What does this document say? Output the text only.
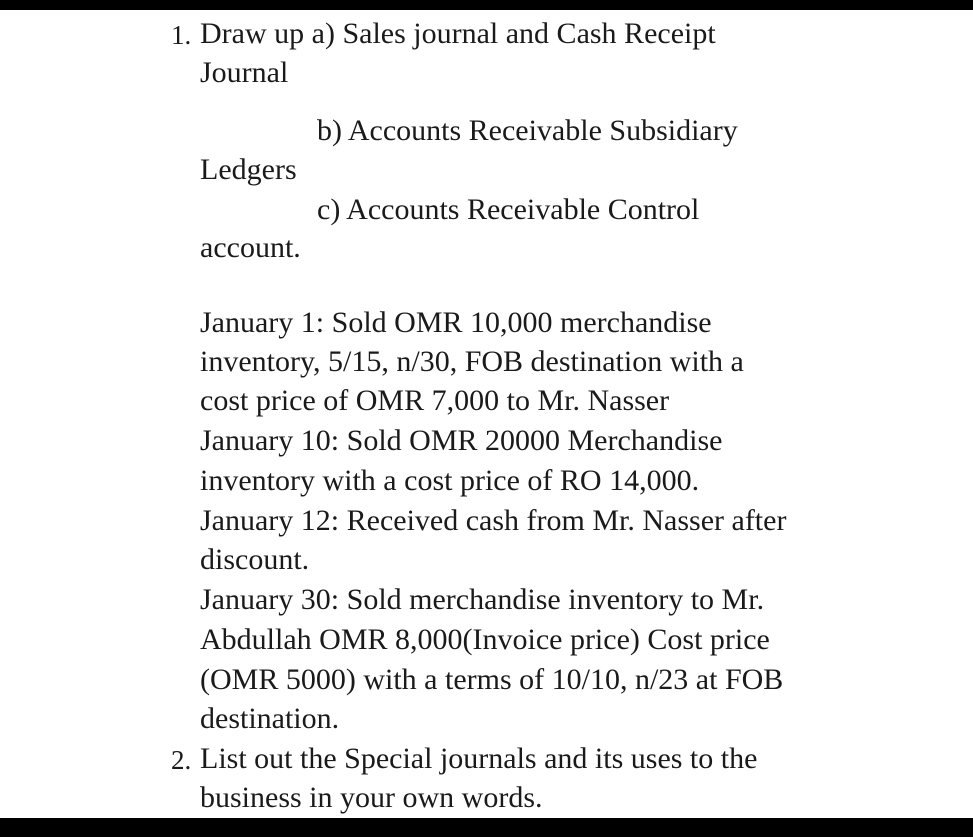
1. Draw up a) Sales journal and Cash Receipt
Journal
b) Accounts Receivable Subsidiary
Ledgers
c) Accounts Receivable Control
account.
January 1: Sold OMR 10,000 merchandise
inventory, 5/15, n/30, FOB destination with a
cost price of OMR 7,000 to Mr. Nasser
January 10: Sold OMR 20000 Merchandise
inventory with a cost price of RO 14,000.
January 12: Received cash from Mr. Nasser after
discount.
January 30: Sold merchandise inventory to Mr.
Abdullah OMR 8,000(Invoice price) Cost price
(OMR 5000) with a terms of 10/10, n/23 at FOB
destination.
2. List out the Special journals and its uses to the
business in your own words.
